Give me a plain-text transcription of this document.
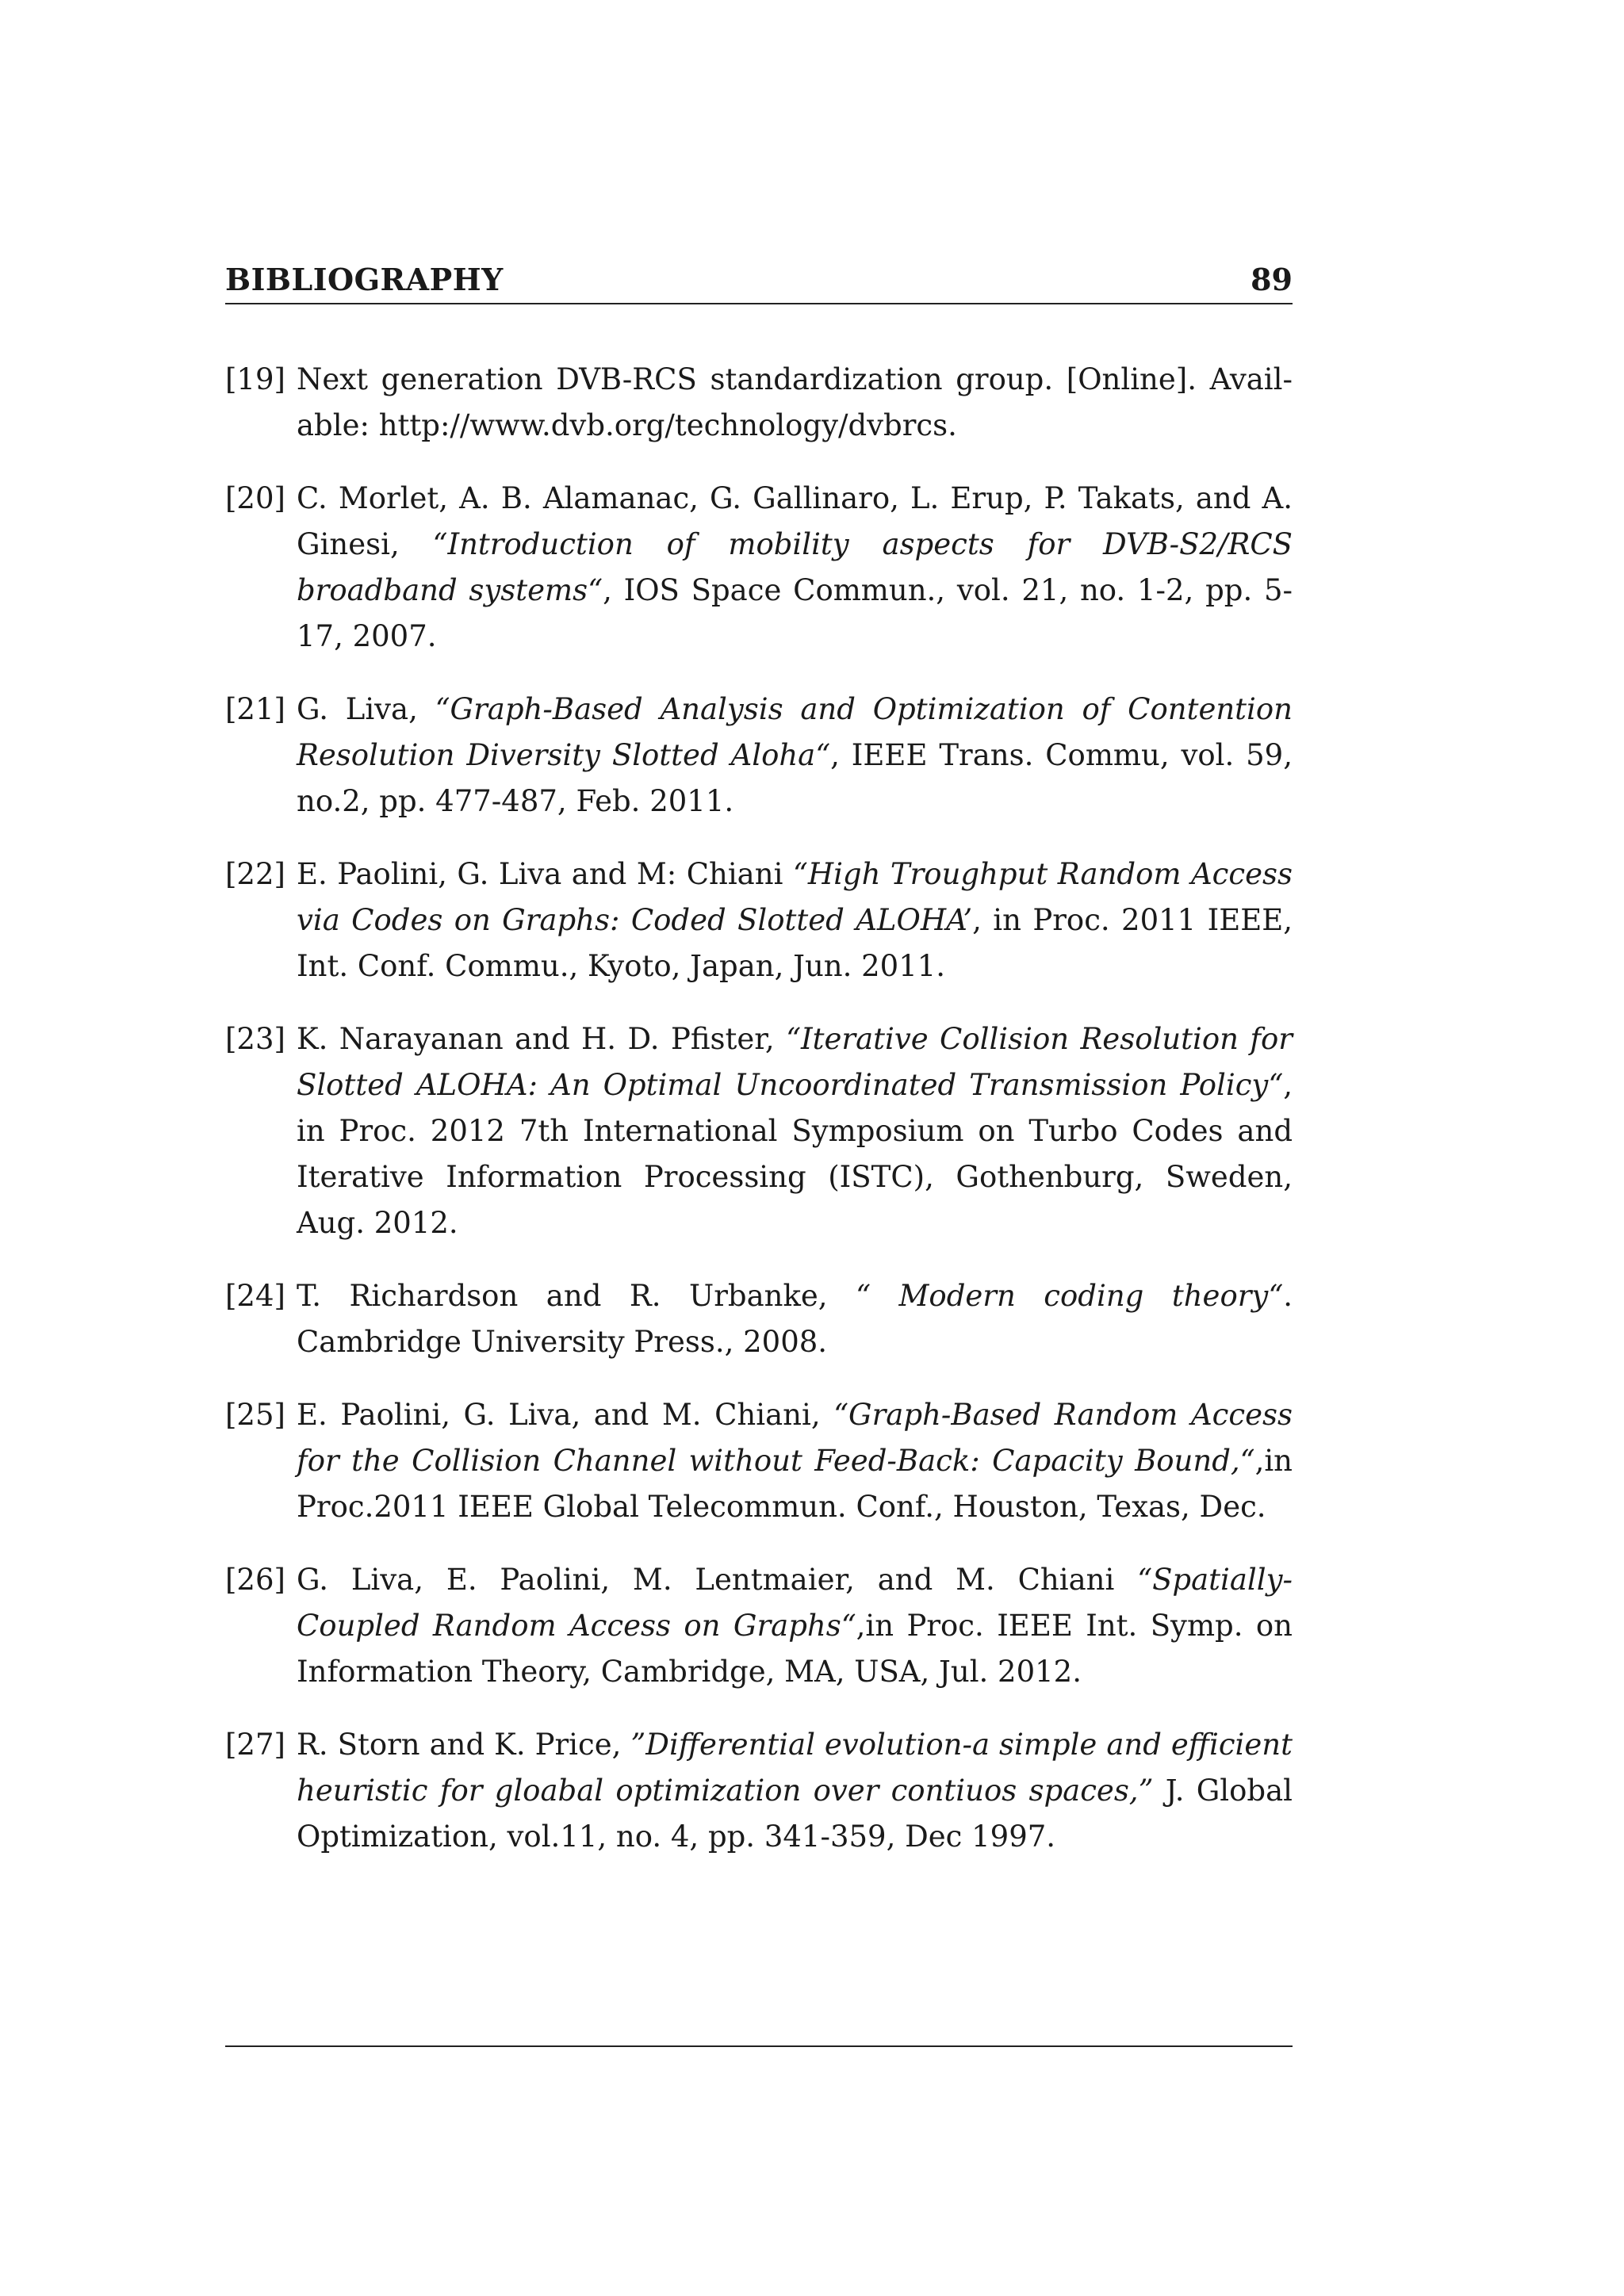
BIBLIOGRAPHY	89
[19] Next generation DVB-RCS standardization group. [Online]. Available: http://www.dvb.org/technology/dvbrcs.
[20] C. Morlet, A. B. Alamanac, G. Gallinaro, L. Erup, P. Takats, and A. Ginesi, “Introduction of mobility aspects for DVB-S2/RCS broadband systems“, IOS Space Commun., vol. 21, no. 1-2, pp. 5-17, 2007.
[21] G. Liva, “Graph-Based Analysis and Optimization of Contention Resolution Diversity Slotted Aloha“, IEEE Trans. Commu, vol. 59, no.2, pp. 477-487, Feb. 2011.
[22] E. Paolini, G. Liva and M: Chiani “High Troughput Random Access via Codes on Graphs: Coded Slotted ALOHA’, in Proc. 2011 IEEE, Int. Conf. Commu., Kyoto, Japan, Jun. 2011.
[23] K. Narayanan and H. D. Pfister, “Iterative Collision Resolution for Slotted ALOHA: An Optimal Uncoordinated Transmission Policy“, in Proc. 2012 7th International Symposium on Turbo Codes and Iterative Information Processing (ISTC), Gothenburg, Sweden, Aug. 2012.
[24] T. Richardson and R. Urbanke, “ Modern coding theory“. Cambridge University Press., 2008.
[25] E. Paolini, G. Liva, and M. Chiani, “Graph-Based Random Access for the Collision Channel without Feed-Back: Capacity Bound,“,in Proc.2011 IEEE Global Telecommun. Conf., Houston, Texas, Dec.
[26] G. Liva, E. Paolini, M. Lentmaier, and M. Chiani “Spatially-Coupled Random Access on Graphs“,in Proc. IEEE Int. Symp. on Information Theory, Cambridge, MA, USA, Jul. 2012.
[27] R. Storn and K. Price, ”Differential evolution-a simple and efficient heuristic for gloabal optimization over contiuos spaces,” J. Global Optimization, vol.11, no. 4, pp. 341-359, Dec 1997.
